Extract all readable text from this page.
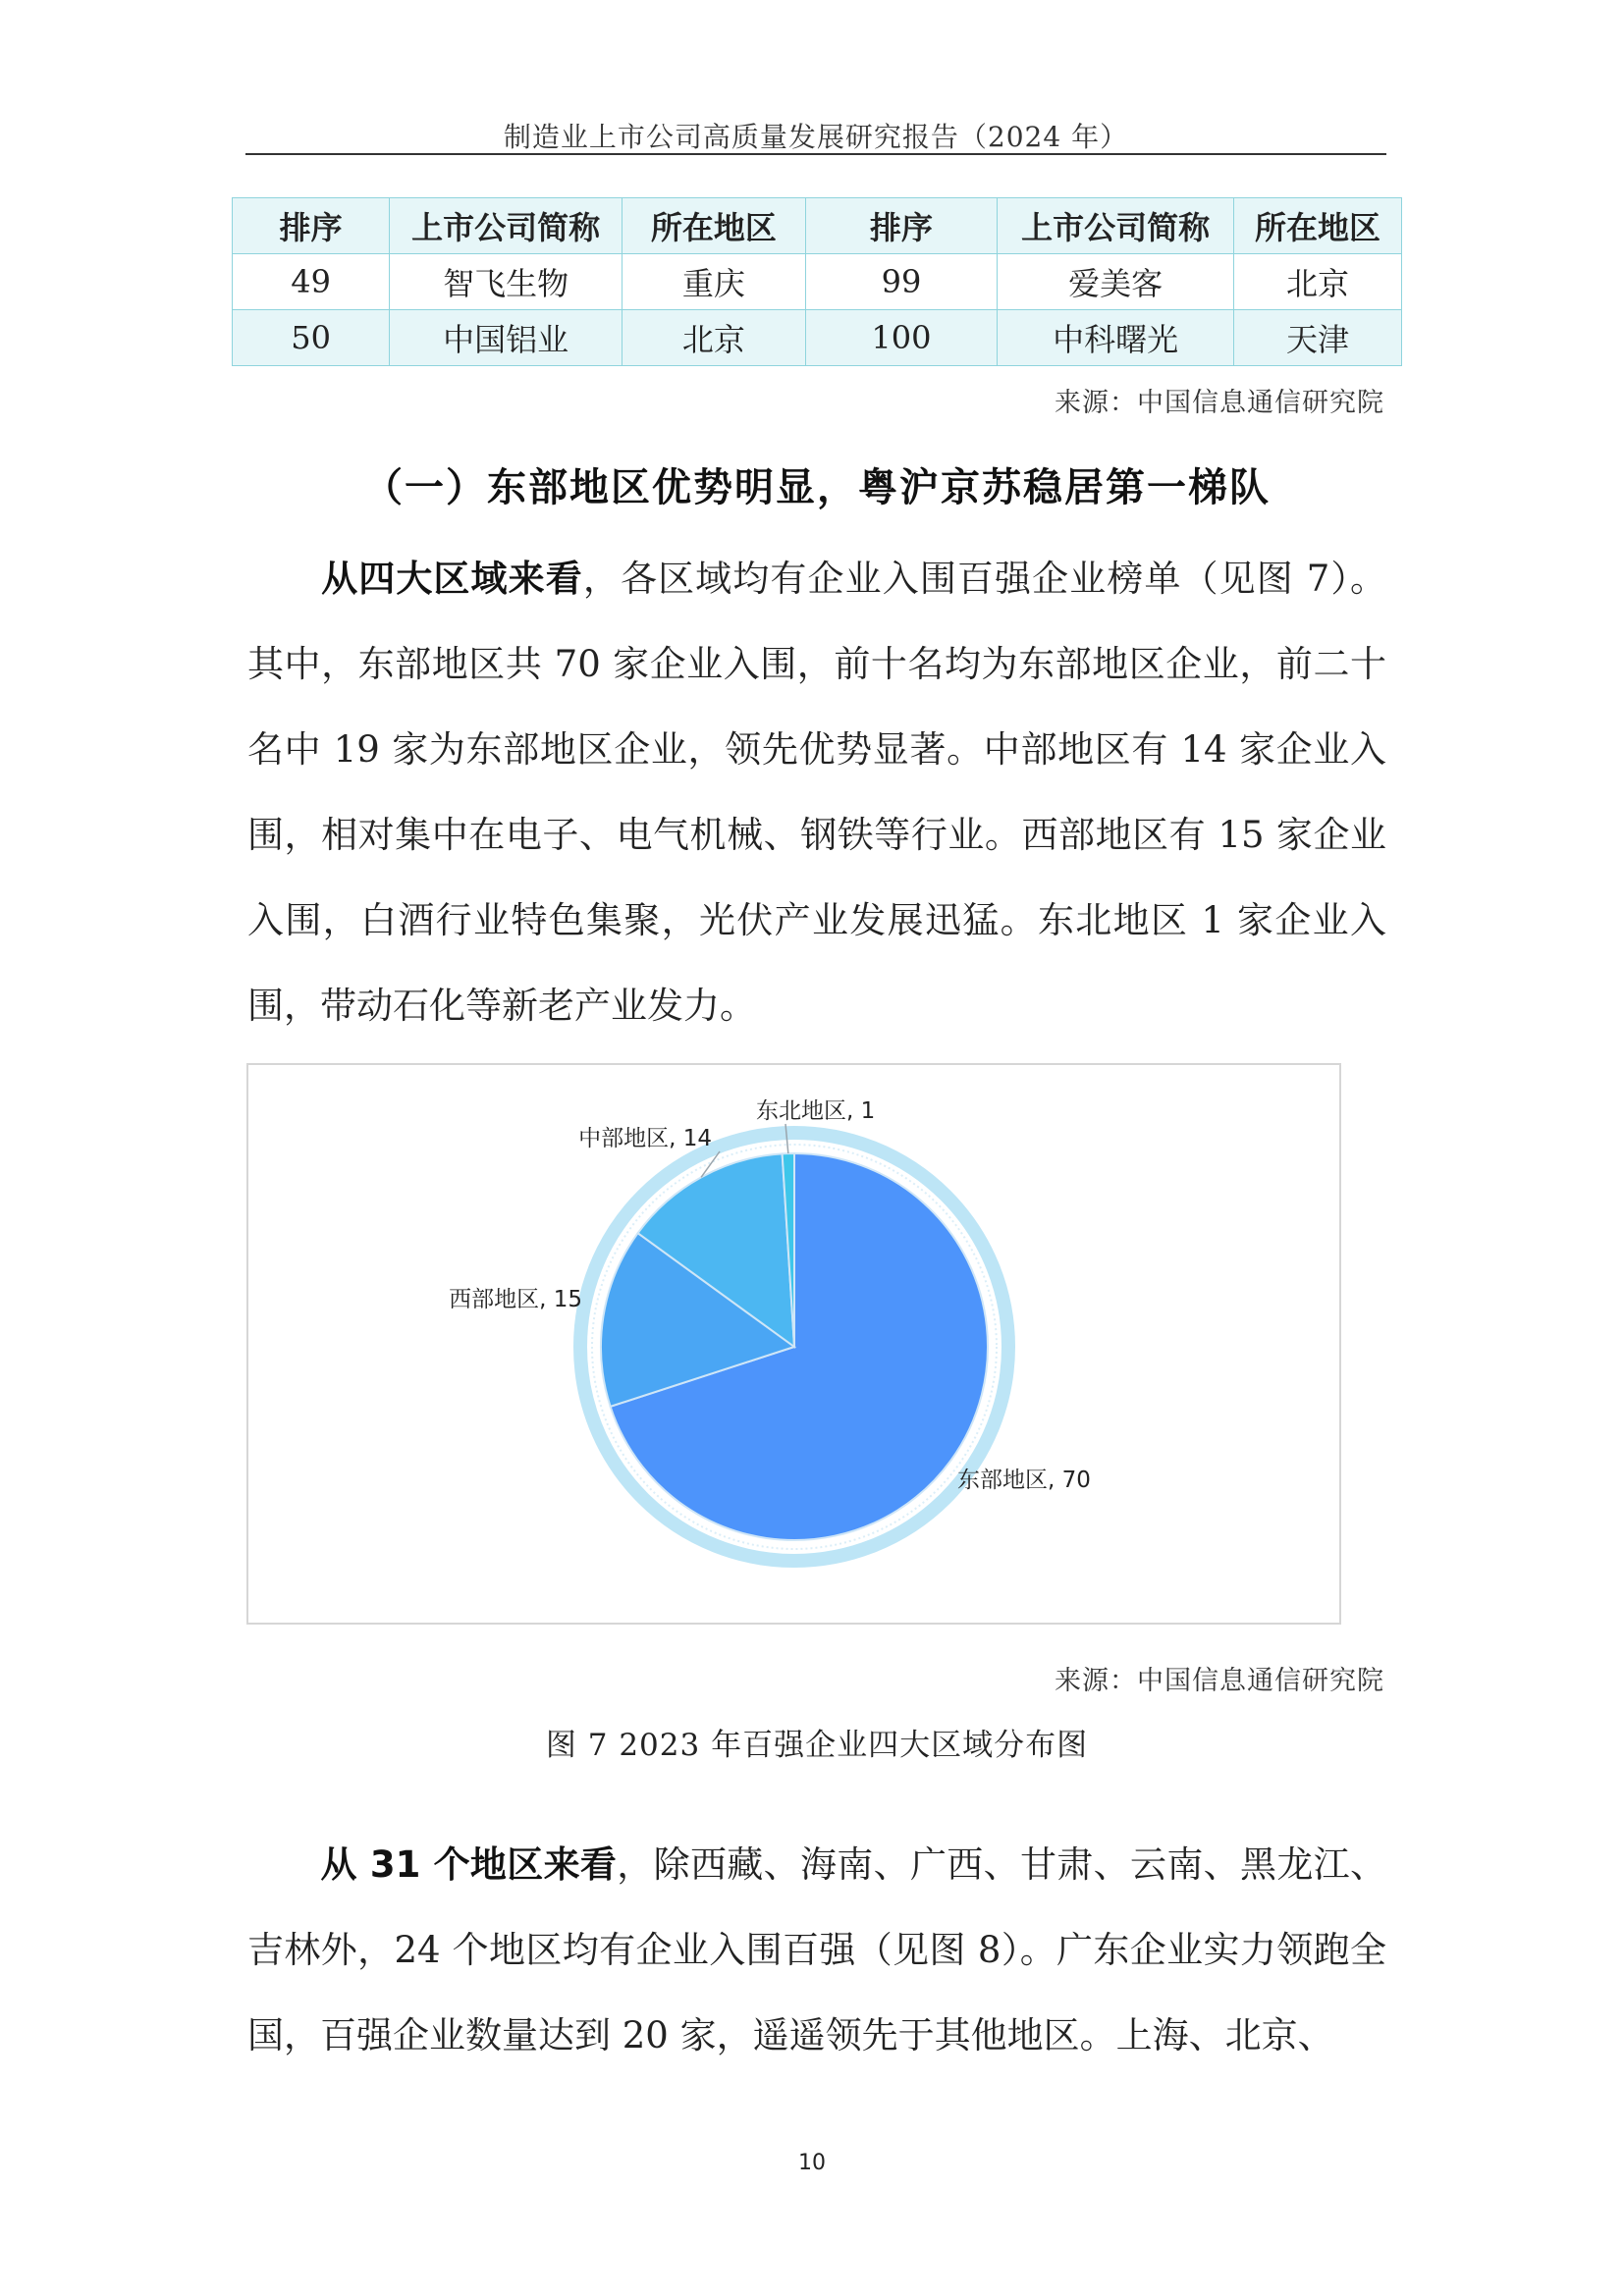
制造业上市公司高质量发展研究报告（2024 年）
排序	上市公司简称	所在地区	排序	上市公司简称	所在地区
49	智飞生物	重庆	99	爱美客	北京
50	中国铝业	北京	100	中科曙光	天津
来源：中国信息通信研究院
（一）东部地区优势明显，粤沪京苏稳居第一梯队

从四大区域来看，各区域均有企业入围百强企业榜单（见图 7）。其中，东部地区共 70 家企业入围，前十名均为东部地区企业，前二十名中 19 家为东部地区企业，领先优势显著。中部地区有 14 家企业入围，相对集中在电子、电气机械、钢铁等行业。西部地区有 15 家企业入围，白酒行业特色集聚，光伏产业发展迅猛。东北地区 1 家企业入围，带动石化等新老产业发力。

东部地区, 70
西部地区, 15
中部地区, 14
东北地区, 1
来源：中国信息通信研究院
图 7 2023 年百强企业四大区域分布图

从 31 个地区来看，除西藏、海南、广西、甘肃、云南、黑龙江、吉林外，24 个地区均有企业入围百强（见图 8）。广东企业实力领跑全国，百强企业数量达到 20 家，遥遥领先于其他地区。上海、北京、

10
